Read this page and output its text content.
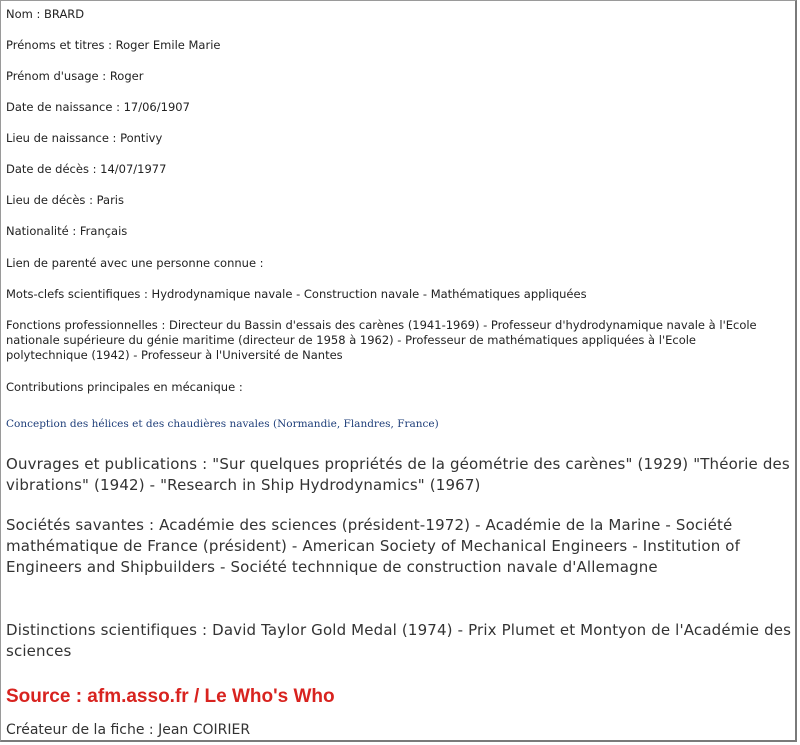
Nom : BRARD
Prénoms et titres : Roger Emile Marie
Prénom d'usage : Roger
Date de naissance : 17/06/1907
Lieu de naissance : Pontivy
Date de décès : 14/07/1977
Lieu de décès : Paris
Nationalité : Français
Lien de parenté avec une personne connue :
Mots-clefs scientifiques : Hydrodynamique navale - Construction navale - Mathématiques appliquées
Fonctions professionnelles : Directeur du Bassin d'essais des carènes (1941-1969) - Professeur d'hydrodynamique navale à l'Ecole nationale supérieure du génie maritime (directeur de 1958 à 1962) - Professeur de mathématiques appliquées à l'Ecole polytechnique (1942) - Professeur à l'Université de Nantes
Contributions principales en mécanique :
Conception des hélices et des chaudières navales (Normandie, Flandres, France)
Ouvrages et publications : "Sur quelques propriétés de la géométrie des carènes" (1929) "Théorie des vibrations" (1942) - "Research in Ship Hydrodynamics" (1967)
Sociétés savantes : Académie des sciences (président-1972) - Académie de la Marine - Société mathématique de France (président) - American Society of Mechanical Engineers - Institution of Engineers and Shipbuilders - Société technnique de construction navale d'Allemagne
Distinctions scientifiques : David Taylor Gold Medal (1974) - Prix Plumet et Montyon de l'Académie des sciences
Source : afm.asso.fr / Le Who's Who
Créateur de la fiche : Jean COIRIER
